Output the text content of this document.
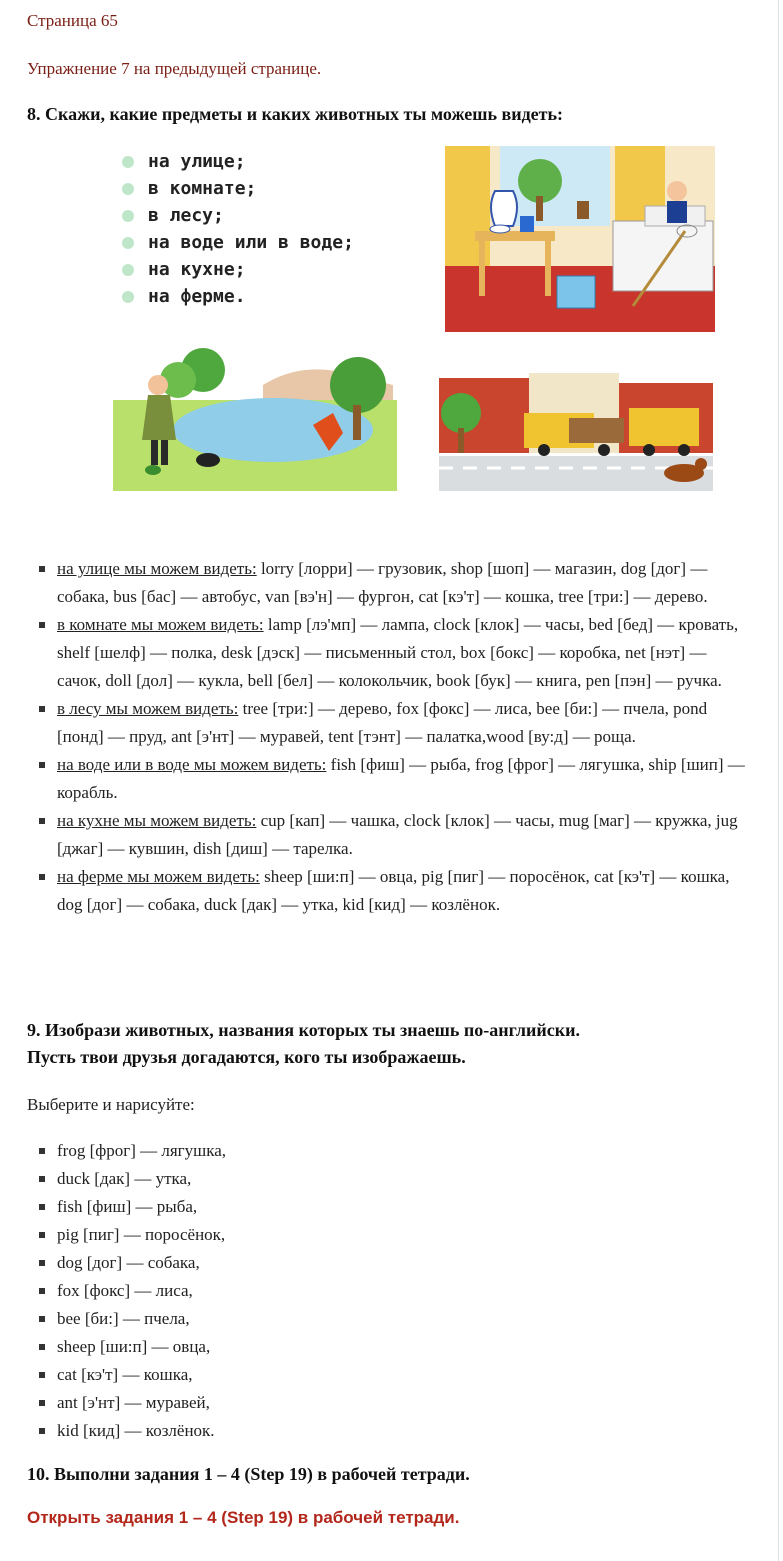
Страница 65
Упражнение 7 на предыдущей странице.
8. Скажи, какие предметы и каких животных ты можешь видеть:
на улице;
в комнате;
в лесу;
на воде или в воде;
на кухне;
на ферме.
на улице мы можем видеть: lorry [лорри] — грузовик, shop [шоп] — магазин, dog [дог] — собака, bus [бас] — автобус, van [вэ'н] — фургон, cat [кэ'т] — кошка, tree [три:] — дерево.
в комнате мы можем видеть: lamp [лэ'мп] — лампа, clock [клок] — часы, bed [бед] — кровать, shelf [шелф] — полка, desk [дэск] — письменный стол, box [бокс] — коробка, net [нэт] — сачок, doll [дол] — кукла, bell [бел] — колокольчик, book [бук] — книга, pen [пэн] — ручка.
в лесу мы можем видеть: tree [три:] — дерево, fox [фокс] — лиса, bee [би:] — пчела, pond [понд] — пруд, ant [э'нт] — муравей, tent [тэнт] — палатка,wood [ву:д] — роща.
на воде или в воде мы можем видеть: fish [фиш] — рыба, frog [фрог] — лягушка, ship [шип] — корабль.
на кухне мы можем видеть: cup [кап] — чашка, clock [клок] — часы, mug [маг] — кружка, jug [джаг] — кувшин, dish [диш] — тарелка.
на ферме мы можем видеть: sheep [ши:п] — овца, pig [пиг] — поросёнок, cat [кэ'т] — кошка, dog [дог] — собака, duck [дак] — утка, kid [кид] — козлёнок.
9. Изобрази животных, названия которых ты знаешь по-английски.
Пусть твои друзья догадаются, кого ты изображаешь.
Выберите и нарисуйте:
frog [фрог] — лягушка,
duck [дак] — утка,
fish [фиш] — рыба,
pig [пиг] — поросёнок,
dog [дог] — собака,
fox [фокс] — лиса,
bee [би:] — пчела,
sheep [ши:п] — овца,
cat [кэ'т] — кошка,
ant [э'нт] — муравей,
kid [кид] — козлёнок.
10. Выполни задания 1 – 4 (Step 19) в рабочей тетради.
Открыть задания 1 – 4 (Step 19) в рабочей тетради.
